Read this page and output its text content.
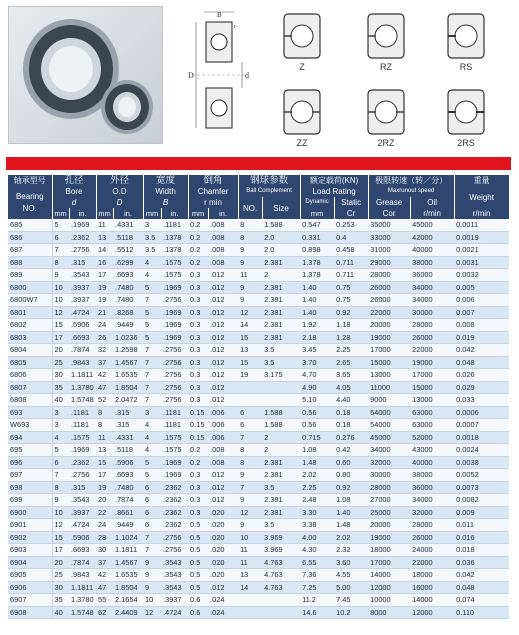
B
D	d
r
Z	RZ	RS
ZZ	2RZ	2RS
轴承型号	孔径		外径		宽度		倒角		钢球参数		额定载荷(KN)		极限转速（转／分）		重量	
Bearing NO.	Bore		O.D		Width		Chamfer		Ball Complement		Load Rating		Maxrunout speed		Weight	
	d		D		B		r min		NO.	Size	Dynamic	Static	Grease	Oil		
	mm	in.	mm	in.	mm	in.	mm	in.			mm	Cr	Cor	r/min	r/min	
685	5	.1969	11	.4331	3	.1181	0.2	.008	8	1.588	0.547	0.253	35000	45000	0.0011	
686	6	.2362	13	.5118	3.5	.1378	0.2	.008	8	2.0	0.331	0.4	33000	42000	0.0019	
687	7	.2756	14	.5512	3.5	.1378	0.2	.008	9	2.0	0.898	0.458	31000	40000	0.0021	
688	8	.315	16	.6299	4	.1575	0.2	.008	9	2.381	1.378	0.711	29000	38000	0.0031	
689	9	.3543	17	.6693	4	.1575	0.3	.012	11	2	1.378	0.711	28000	36000	0.0032	
6800	10	.3937	19	.7480	5	.1969	0.3	.012	9	2.381	1.40	0.75	26000	34000	0.005	
6800W7	10	.3937	19	.7480	7	.2756	0.3	.012	9	2.381	1.40	0.75	26000	34000	0.006	
6801	12	.4724	21	.8268	5	.1969	0.3	.012	12	2.381	1.40	0.92	22000	30000	0.007	
6802	15	.5906	24	.9449	5	.1969	0.3	.012	14	2.381	1.92	1.18	20000	28000	0.008	
6803	17	.6693	26	1.0236	5	.1969	0.3	.012	15	2.381	2.18	1.28	19000	26000	0.019	
6804	20	.7874	32	1.2598	7	.2756	0.3	.012	13	3.5	3.45	2.25	17000	22000	0.042	
6805	25	.9843	37	1.4567	7	.2756	0.3	.012	15	3.5	3.70	2.65	15000	19000	0.048	
6806	30	1.1811	42	1.6535	7	.2756	0.3	.012	19	3.175	4.70	3.65	13000	17000	0.026	
6807	35	1.3780	47	1.8504	7	.2756	0.3	.012			4.90	4.05	11000	15000	0.029	
6808	40	1.5748	52	2.0472	7	.2756	0.3	.012			5.10	4.40	9000	13000	0.033	
693	3	.1181	8	.315	3	.1181	0.15	.006	6	1.588	0.56	0.18	54000	63000	0.0006	
W693	3	.1181	8	.315	4	.1181	0.15	.006	6	1.588	0.56	0.18	54000	63000	0.0007	
694	4	.1575	11	.4331	4	.1575	0.15	.006	7	2	0.715	0.276	45000	52000	0.0018	
695	5	.1969	13	.5118	4	.1575	0.2	.008	8	2	1.08	0.42	34000	43000	0.0024	
696	6	.2362	15	.5906	5	.1969	0.2	.008	8	2.381	1.48	0.60	32000	40000	0.0038	
697	7	.2756	17	.6693	5	.1969	0.3	.012	9	2.381	2.02	0.80	30000	38000	0.0052	
698	8	.315	19	.7480	6	.2362	0.3	.012	7	3.5	2.25	0.92	28000	36000	0.0073	
699	9	.3543	20	.7874	6	.2362	0.3	.012	9	2.381	2.48	1.08	27000	34000	0.0082	
6900	10	.3937	22	.8661	6	.2362	0.3	.020	12	2.381	3.30	1.40	25000	32000	0.009	
6901	12	.4724	24	.9449	6	.2362	0.5	.020	9	3.5	3.38	1.48	20000	28000	0.011	
6902	15	.5906	28	1.1024	7	.2756	0.5	.020	10	3.969	4.00	2.02	19000	26000	0.016	
6903	17	.6693	30	1.1811	7	.2756	0.5	.020	11	3.969	4.30	2.32	18000	24000	0.018	
6904	20	.7874	37	1.4567	9	.3543	0.5	.020	11	4.763	6.55	3.60	17000	22000	0.036	
6905	25	.9843	42	1.6535	9	.3543	0.5	.020	13	4.763	7.36	4.55	14000	18000	0.042	
6906	30	1.1811	47	1.8504	9	.3543	0.5	.012	14	4.763	7.25	5.00	12000	16000	0.048	
6907	35	1.3780	55	2.1654	10	.3937	0.6	.024			11.2	7.45	10000	14000	0.074	
6908	40	1.5748	62	2.4409	12	.4724	0.6	.024			14.6	10.2	8000	12000	0.110	
